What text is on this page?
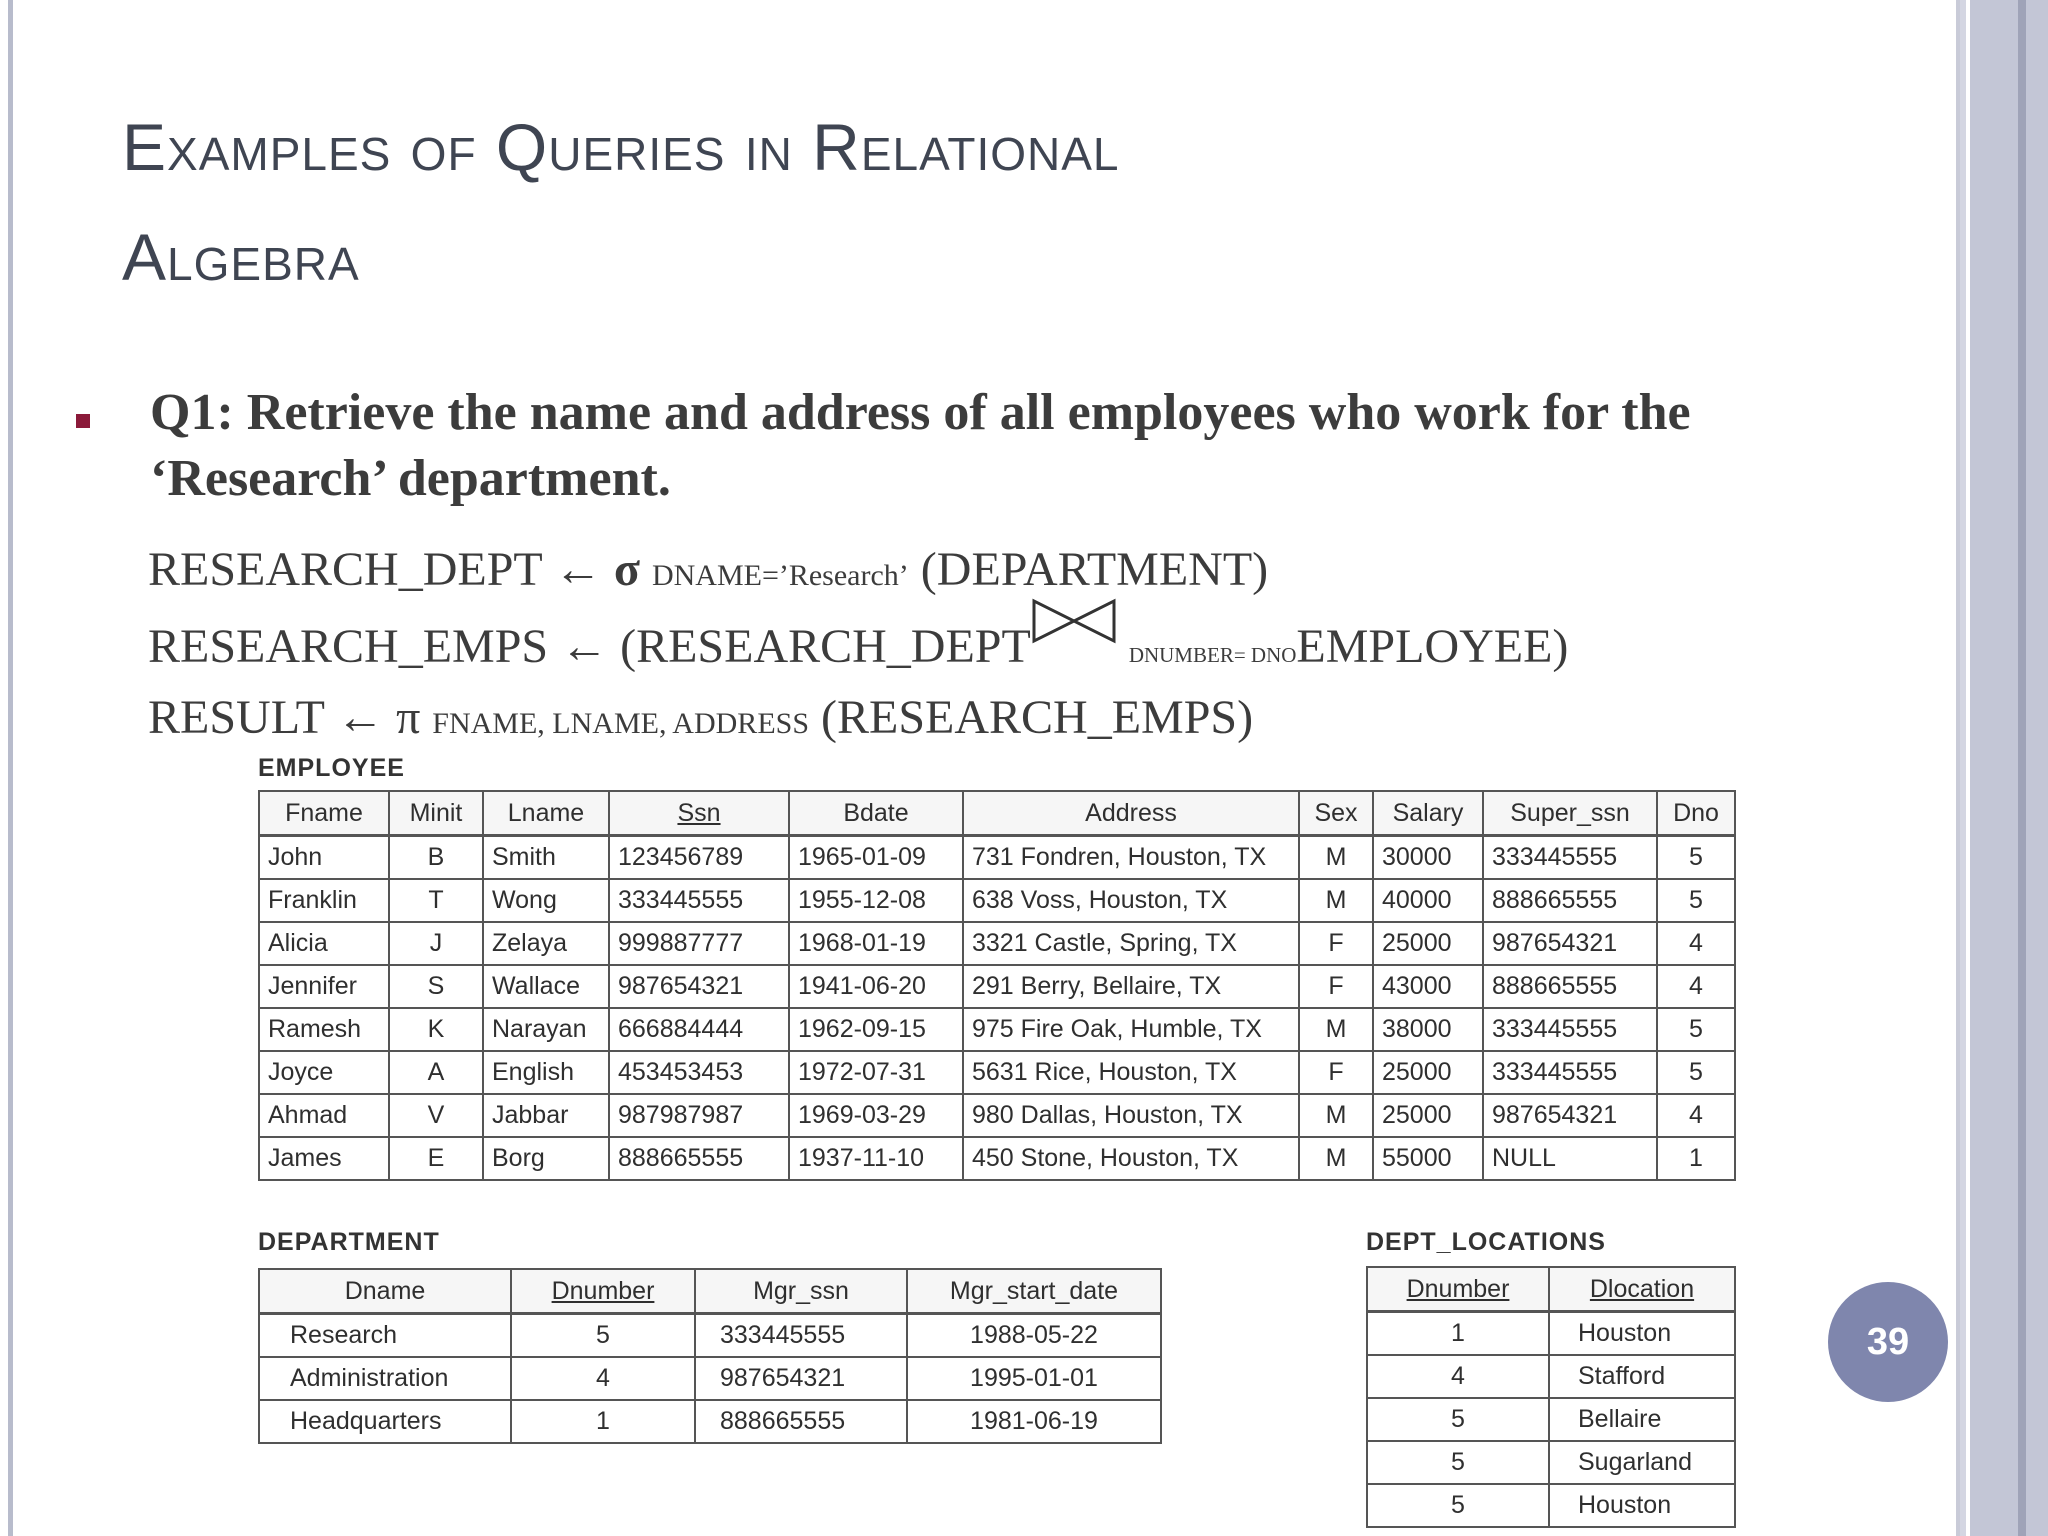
Examples of Queries in Relational
Algebra

Q1: Retrieve the name and address of all employees who work for the ‘Research’ department.

RESEARCH_DEPT ← σ DNAME=’Research’ (DEPARTMENT)
RESEARCH_EMPS ← (RESEARCH_DEPT	DNUMBER= DNOEMPLOYEE)
RESULT ← π FNAME, LNAME, ADDRESS (RESEARCH_EMPS)
EMPLOYEE
Fname	Minit	Lname	Ssn	Bdate	Address	Sex	Salary	Super_ssn	Dno
John	B	Smith	123456789	1965-01-09	731 Fondren, Houston, TX	M	30000	333445555	5
Franklin	T	Wong	333445555	1955-12-08	638 Voss, Houston, TX	M	40000	888665555	5
Alicia	J	Zelaya	999887777	1968-01-19	3321 Castle, Spring, TX	F	25000	987654321	4
Jennifer	S	Wallace	987654321	1941-06-20	291 Berry, Bellaire, TX	F	43000	888665555	4
Ramesh	K	Narayan	666884444	1962-09-15	975 Fire Oak, Humble, TX	M	38000	333445555	5
Joyce	A	English	453453453	1972-07-31	5631 Rice, Houston, TX	F	25000	333445555	5
Ahmad	V	Jabbar	987987987	1969-03-29	980 Dallas, Houston, TX	M	25000	987654321	4
James	E	Borg	888665555	1937-11-10	450 Stone, Houston, TX	M	55000	NULL	1
DEPARTMENT
Dname	Dnumber	Mgr_ssn	Mgr_start_date
Research	5	333445555	1988-05-22
Administration	4	987654321	1995-01-01
Headquarters	1	888665555	1981-06-19
DEPT_LOCATIONS
Dnumber	Dlocation
1	Houston
4	Stafford
5	Bellaire
5	Sugarland
5	Houston
39
